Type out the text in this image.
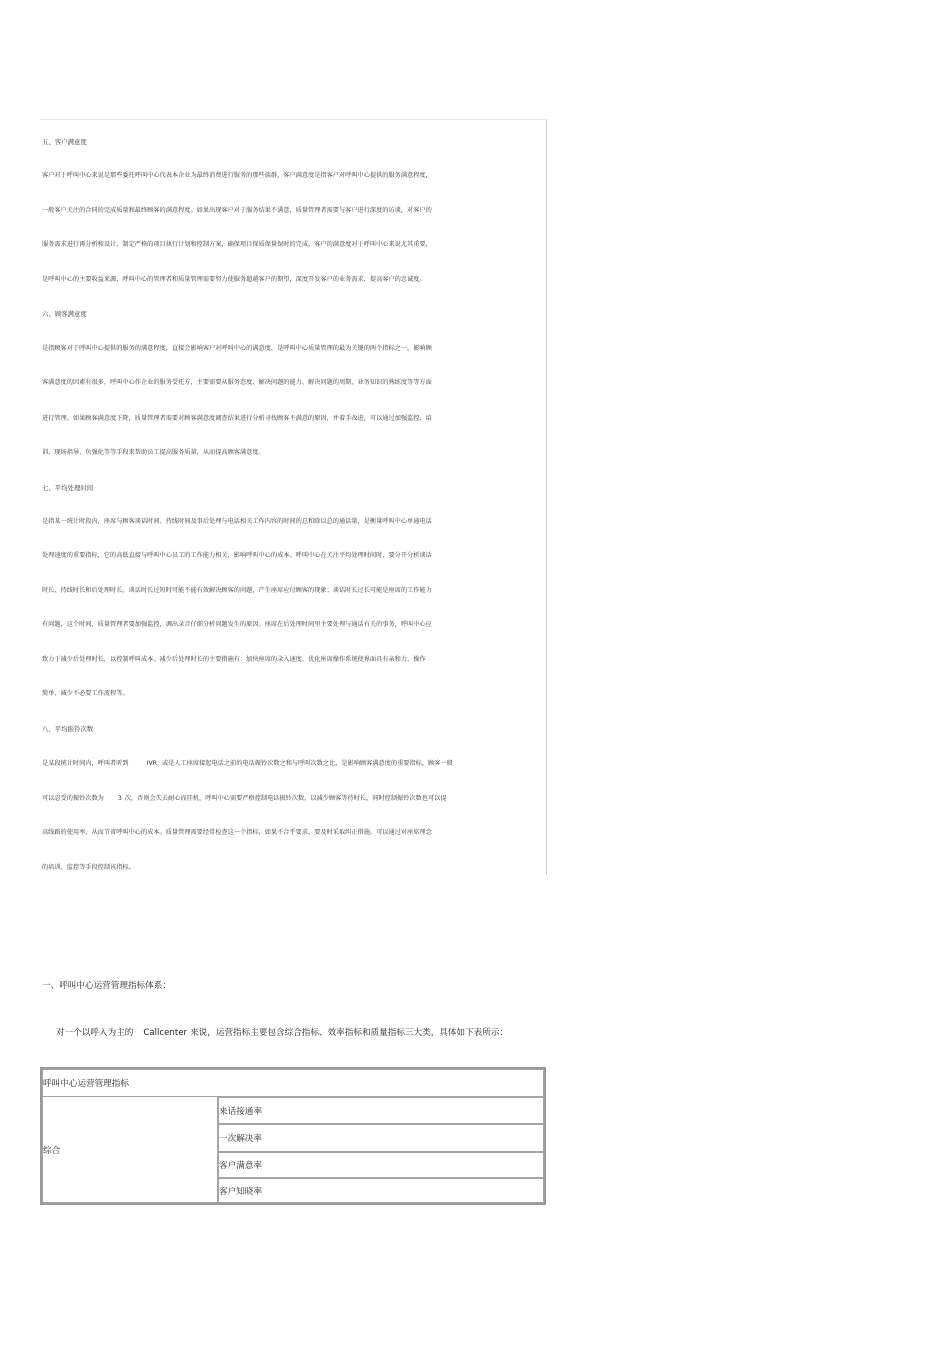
五、客户满意度
客户对于呼叫中心来说是那些委托呼叫中心代表本企业为最终消费进行服务的那些族群，客户满意度是指客户对呼叫中心提供的服务满意程度，
一般客户关注的合同的完成质量和最终顾客的满意程度。如果出现客户对于服务结果不满意，质量管理者需要与客户进行深度的访谈，对客户的
服务需求进行再分析和设计，制定严格的项目执行计划和控制方案，确保项目保质保量保时的完成。客户的满意度对于呼叫中心来说尤其重要，
是呼叫中心的主要收益来源，呼叫中心的管理者和质量管理需要努力使服务超越客户的期望，深度开发客户的业务需求，提高客户的忠诚度。
六、顾客满意度
是指顾客对于呼叫中心提供的服务的满意程度，直接会影响客户对呼叫中心的满意度，是呼叫中心质量管理的最为关键的两个指标之一。影响顾
客满意度的因素有很多，呼叫中心作企业的服务受托方，主要需要从服务态度、解决问题的能力、解决问题的周期、业务知识的熟练度等等方面
进行管理。如果顾客满意度下降，质量管理者需要对顾客满意度调查结果进行分析寻找顾客不满意的原因，并着手改进，可以通过加强监控，培
训、现场指导、负强化等等手段来帮助员工提高服务质量，从而提高顾客满意度。
七、平均处理时间
是指某一统计时段内，座席与顾客谈话时间、持线时间及事后处理与电话相关工作内容的时间的总和除以总的通话量，是衡量呼叫中心单通电话
处理速度的重要指标，它的高低直接与呼叫中心员工的工作能力相关，影响呼叫中心的成本。呼叫中心在关注平均处理时间时，要分开分析谈话
时长、持线时长和后处理时长。谈话时长过短时可能不能有效解决顾客的问题，产生座席应付顾客的现象；谈话时长过长可能是座席的工作能力
有问题，这个时间，质量管理者要加强监控，调出录音仔细分析问题发生的原因。座席在后处理时间里主要处理与通话有关的事务，呼叫中心应
致力于减少后处理时长，以控制呼叫成本。减少后处理时长的主要措施有：加快座席的录入速度、优化座席操作系统使界面具有亲和力、操作
简单、减少不必要工作流程等。
八、平均振铃次数
是某段统计时间内，呼叫者听到	IVR 或是人工座席接起电话之前的电话振铃次数之和与呼叫次数之比，是影响顾客满意度的重要指标，顾客一般
可以忍受的振铃次数为 3 次，否则会失去耐心而挂机，呼叫中心需要严格控制电话振铃次数，以减少顾客等待时长，同时控制振铃次数也可以提
高线路的使用率，从而节省呼叫中心的成本。质量管理需要经常检查这一个指标，如果不合乎要求，要及时采取纠正措施。可以通过对座席理念
的培训、监控等手段控制该指标。
一、呼叫中心运营管理指标体系：
对一个以呼入为主的 Callcenter 来说，运营指标主要包含综合指标、效率指标和质量指标三大类，具体如下表所示：
呼叫中心运营管理指标
综合
来话接通率
一次解决率
客户满意率
客户知晓率
